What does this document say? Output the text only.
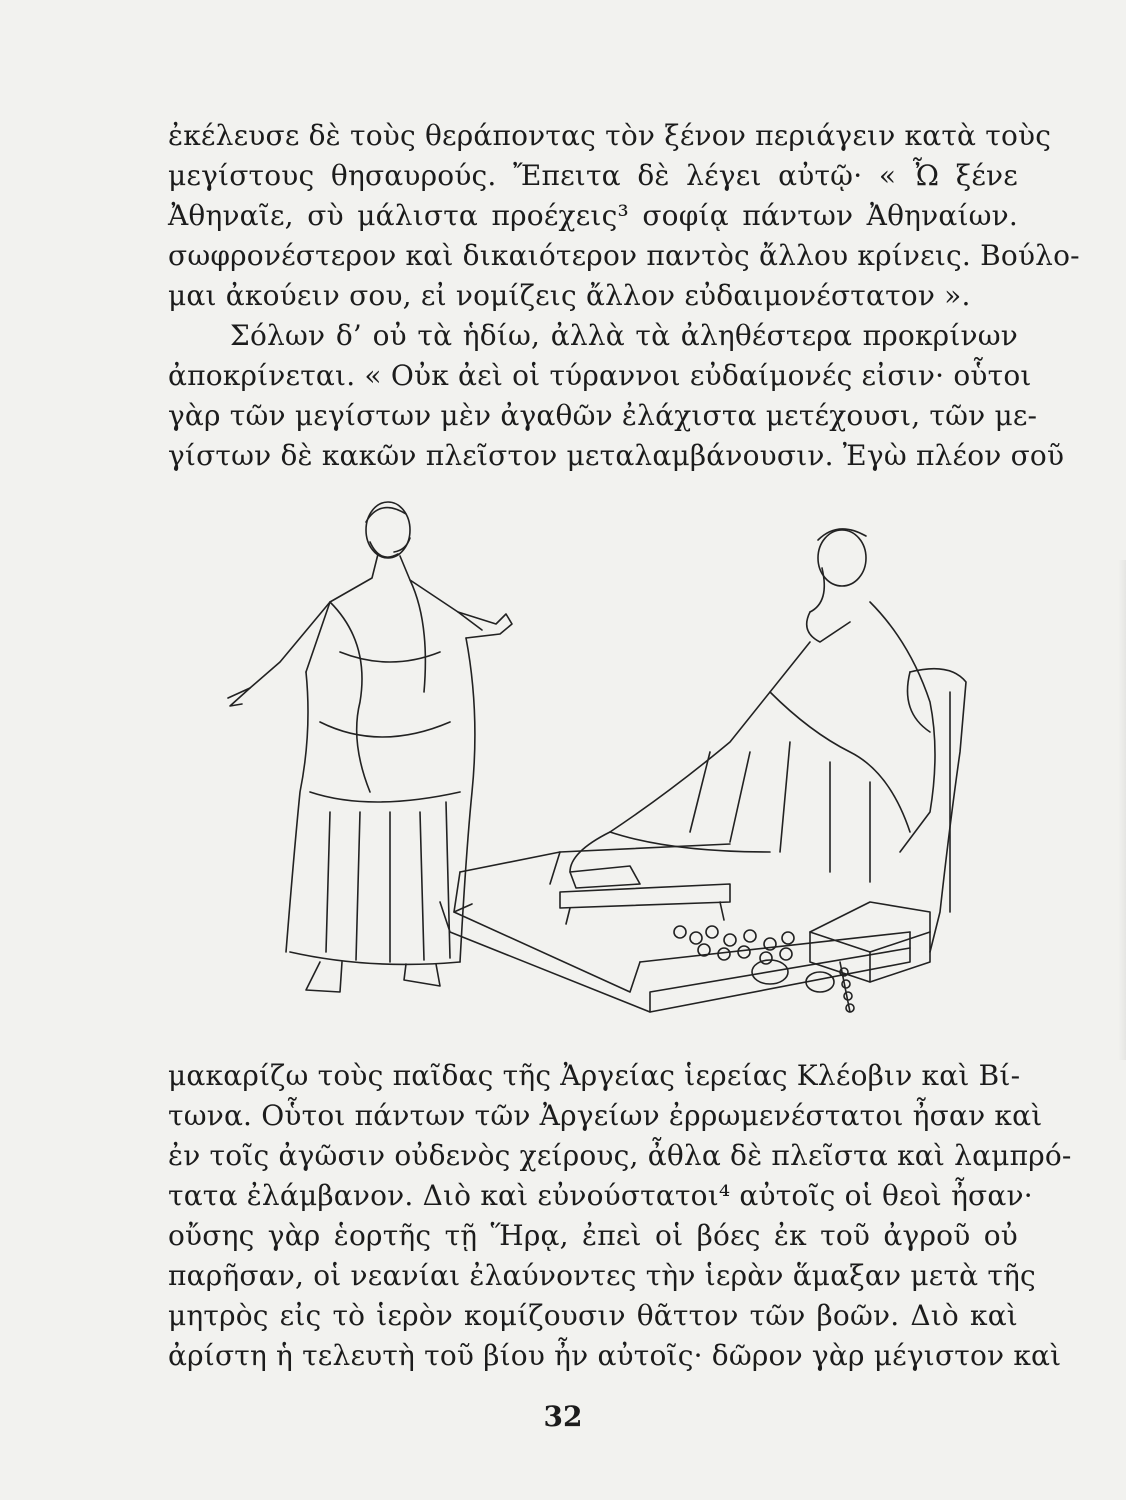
ἐκέλευσε δὲ τοὺς θεράποντας τὸν ξένον περιάγειν κατὰ τοὺς
μεγίστους θησαυρούς. Ἔπειτα δὲ λέγει αὐτῷ· « Ὦ ξένε
Ἀθηναῖε, σὺ μάλιστα προέχεις³ σοφίᾳ πάντων Ἀθηναίων.
σωφρονέστερον καὶ δικαιότερον παντὸς ἄλλου κρίνεις. Βούλο-
μαι ἀκούειν σου, εἰ νομίζεις ἄλλον εὐδαιμονέστατον ».
Σόλων δ’ οὐ τὰ ἡδίω, ἀλλὰ τὰ ἀληθέστερα προκρίνων
ἀποκρίνεται. « Οὐκ ἀεὶ οἱ τύραννοι εὐδαίμονές εἰσιν· οὗτοι
γὰρ τῶν μεγίστων μὲν ἀγαθῶν ἐλάχιστα μετέχουσι, τῶν με-
γίστων δὲ κακῶν πλεῖστον μεταλαμβάνουσιν. Ἐγὼ πλέον σοῦ
μακαρίζω τοὺς παῖδας τῆς Ἀργείας ἱερείας Κλέοβιν καὶ Βί-
τωνα. Οὗτοι πάντων τῶν Ἀργείων ἐρρωμενέστατοι ἦσαν καὶ
ἐν τοῖς ἀγῶσιν οὐδενὸς χείρους, ἆθλα δὲ πλεῖστα καὶ λαμπρό-
τατα ἐλάμβανον. Διὸ καὶ εὐνούστατοι⁴ αὐτοῖς οἱ θεοὶ ἦσαν·
οὔσης γὰρ ἑορτῆς τῇ Ἥρᾳ, ἐπεὶ οἱ βόες ἐκ τοῦ ἀγροῦ οὐ
παρῆσαν, οἱ νεανίαι ἐλαύνοντες τὴν ἱερὰν ἅμαξαν μετὰ τῆς
μητρὸς εἰς τὸ ἱερὸν κομίζουσιν θᾶττον τῶν βοῶν. Διὸ καὶ
ἀρίστη ἡ τελευτὴ τοῦ βίου ἦν αὐτοῖς· δῶρον γὰρ μέγιστον καὶ
32
